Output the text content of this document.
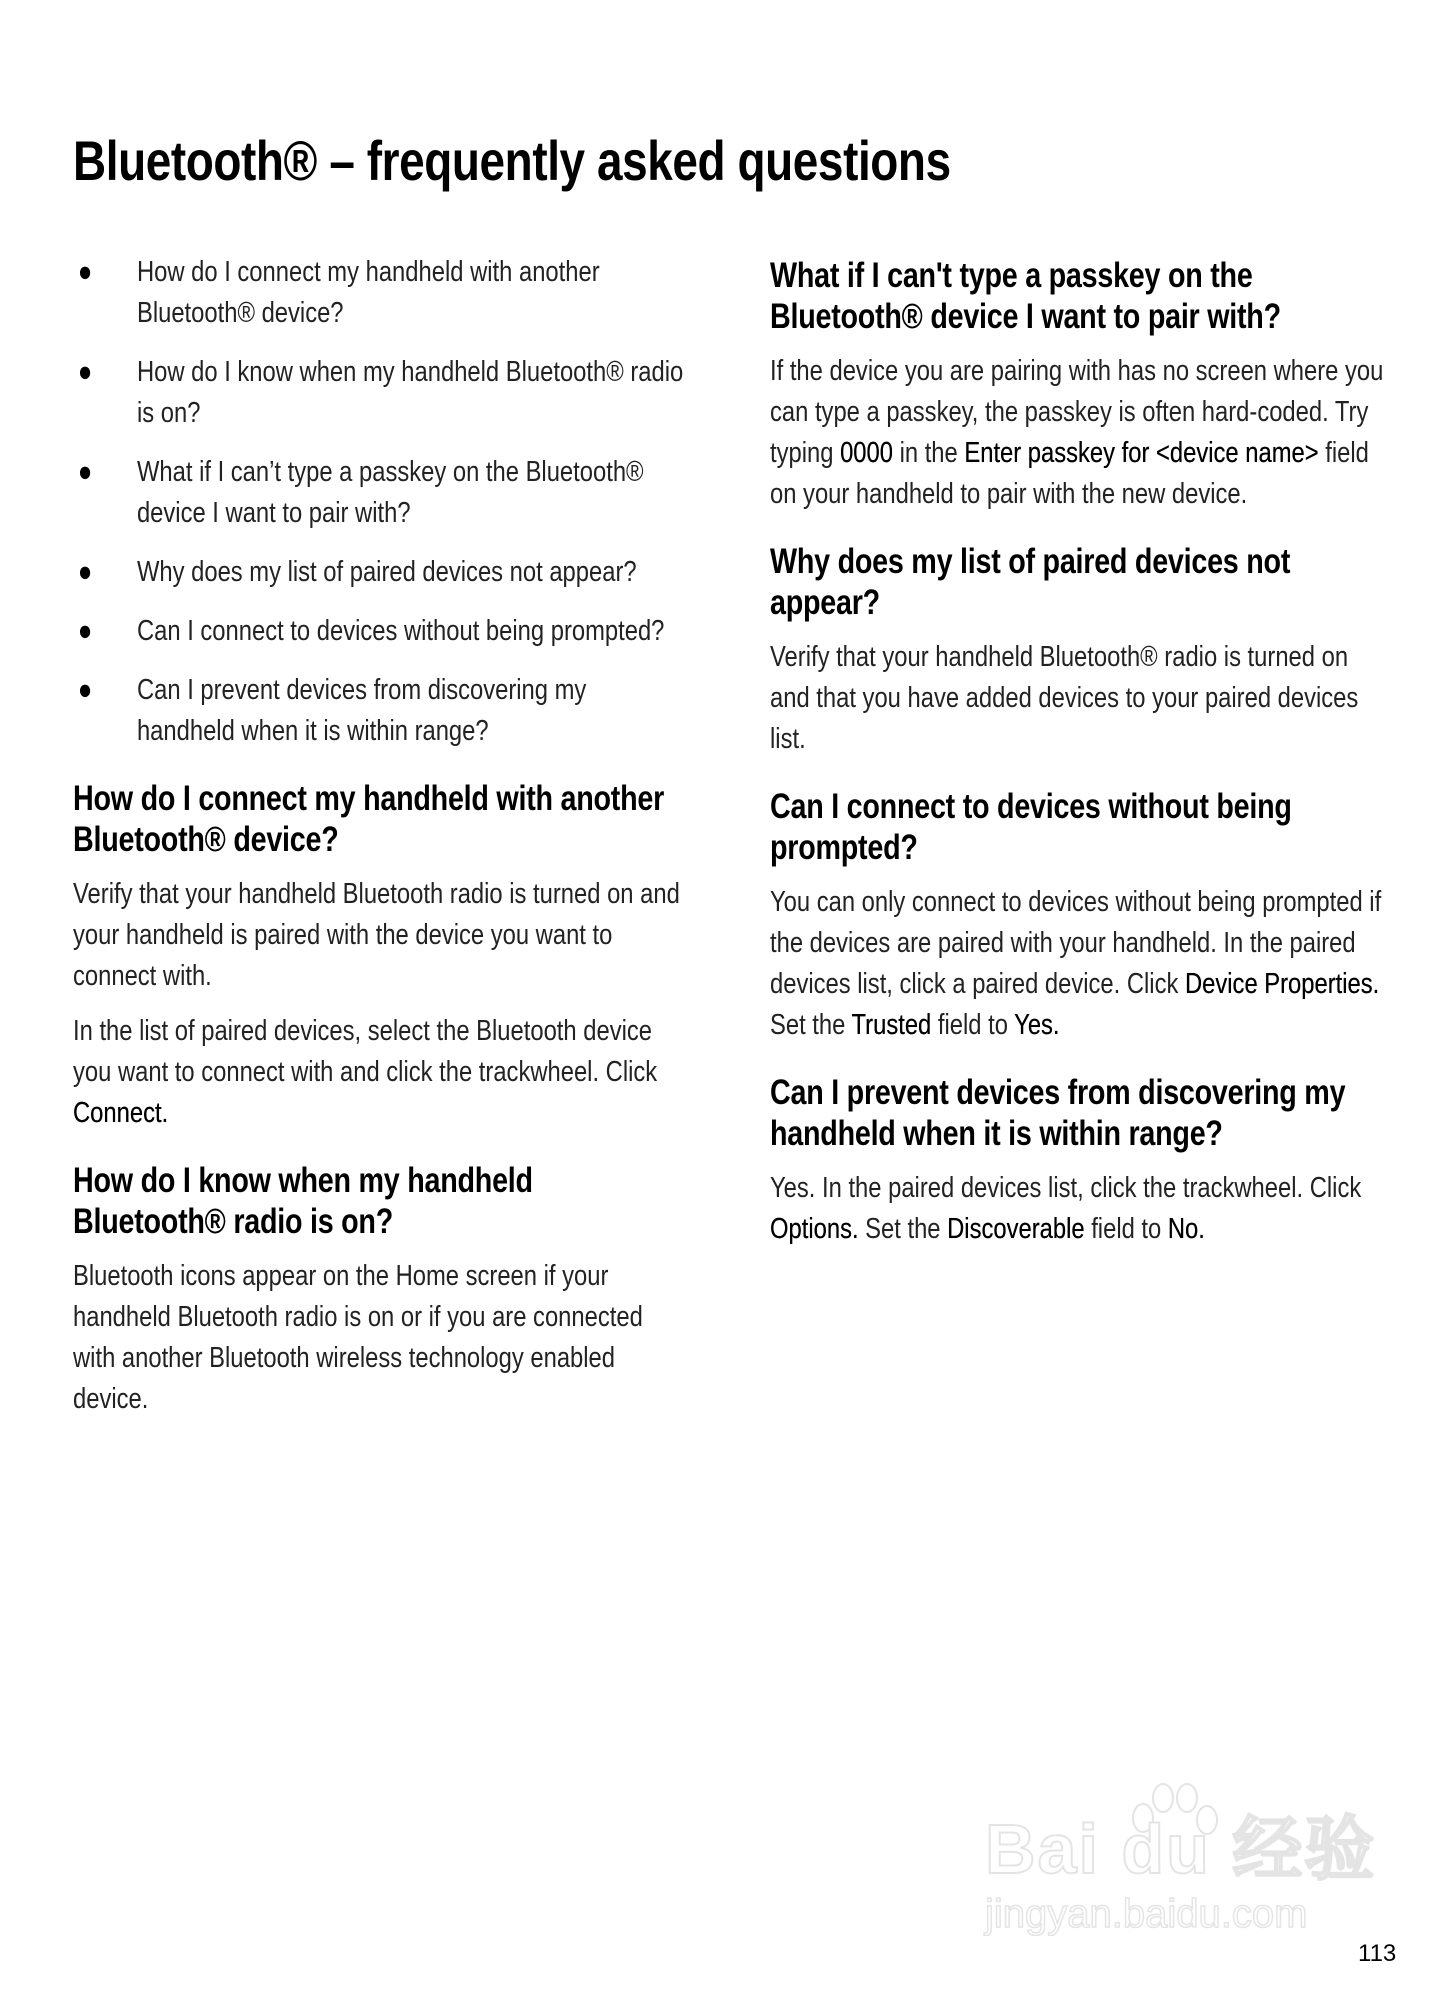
Bluetooth® – frequently asked questions
● How do I connect my handheld with another Bluetooth® device?
● How do I know when my handheld Bluetooth® radio is on?
● What if I can’t type a passkey on the Bluetooth® device I want to pair with?
● Why does my list of paired devices not appear?
● Can I connect to devices without being prompted?
● Can I prevent devices from discovering my handheld when it is within range?
How do I connect my handheld with another Bluetooth® device?

Verify that your handheld Bluetooth radio is turned on and your handheld is paired with the device you want to connect with.

In the list of paired devices, select the Bluetooth device you want to connect with and click the trackwheel. Click Connect.

How do I know when my handheld Bluetooth® radio is on?

Bluetooth icons appear on the Home screen if your handheld Bluetooth radio is on or if you are connected with another Bluetooth wireless technology enabled device.

What if I can't type a passkey on the Bluetooth® device I want to pair with?

If the device you are pairing with has no screen where you can type a passkey, the passkey is often hard-coded. Try typing 0000 in the Enter passkey for <device name> field on your handheld to pair with the new device.

Why does my list of paired devices not appear?

Verify that your handheld Bluetooth® radio is turned on and that you have added devices to your paired devices list.

Can I connect to devices without being prompted?

You can only connect to devices without being prompted if the devices are paired with your handheld. In the paired devices list, click a paired device. Click Device Properties. Set the Trusted field to Yes.

Can I prevent devices from discovering my handheld when it is within range?

Yes. In the paired devices list, click the trackwheel. Click Options. Set the Discoverable field to No.

Bai du 经验
jingyan.baidu.com
113
